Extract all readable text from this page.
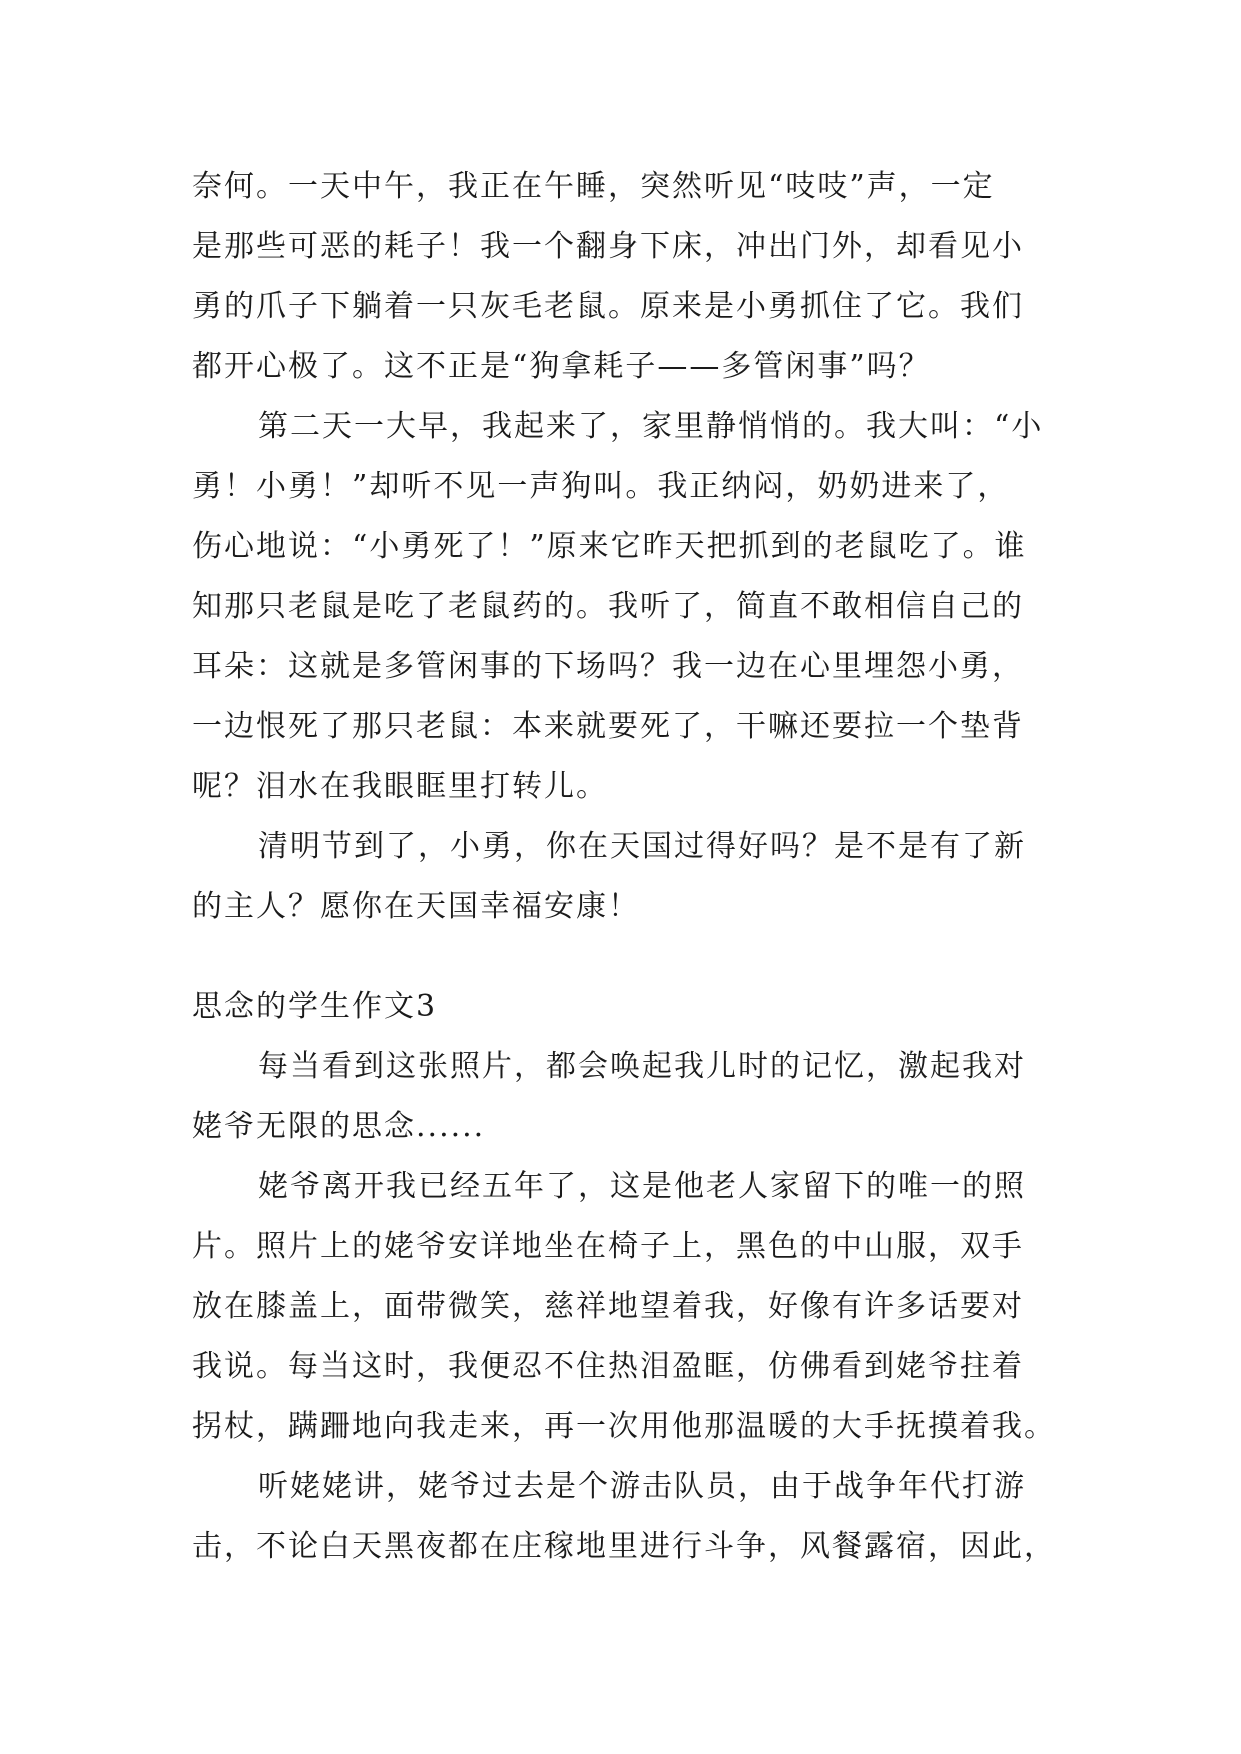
奈何。一天中午，我正在午睡，突然听见“吱吱”声，一定
是那些可恶的耗子！我一个翻身下床，冲出门外，却看见小
勇的爪子下躺着一只灰毛老鼠。原来是小勇抓住了它。我们
都开心极了。这不正是“狗拿耗子——多管闲事”吗？
第二天一大早，我起来了，家里静悄悄的。我大叫：“小
勇！小勇！”却听不见一声狗叫。我正纳闷，奶奶进来了，
伤心地说：“小勇死了！”原来它昨天把抓到的老鼠吃了。谁
知那只老鼠是吃了老鼠药的。我听了，简直不敢相信自己的
耳朵：这就是多管闲事的下场吗？我一边在心里埋怨小勇，
一边恨死了那只老鼠：本来就要死了，干嘛还要拉一个垫背
呢？泪水在我眼眶里打转儿。
清明节到了，小勇，你在天国过得好吗？是不是有了新
的主人？愿你在天国幸福安康！
思念的学生作文3
每当看到这张照片，都会唤起我儿时的记忆，激起我对
姥爷无限的思念......
姥爷离开我已经五年了，这是他老人家留下的唯一的照
片。照片上的姥爷安详地坐在椅子上，黑色的中山服，双手
放在膝盖上，面带微笑，慈祥地望着我，好像有许多话要对
我说。每当这时，我便忍不住热泪盈眶，仿佛看到姥爷拄着
拐杖，蹒跚地向我走来，再一次用他那温暖的大手抚摸着我。
听姥姥讲，姥爷过去是个游击队员，由于战争年代打游
击，不论白天黑夜都在庄稼地里进行斗争，风餐露宿，因此，
